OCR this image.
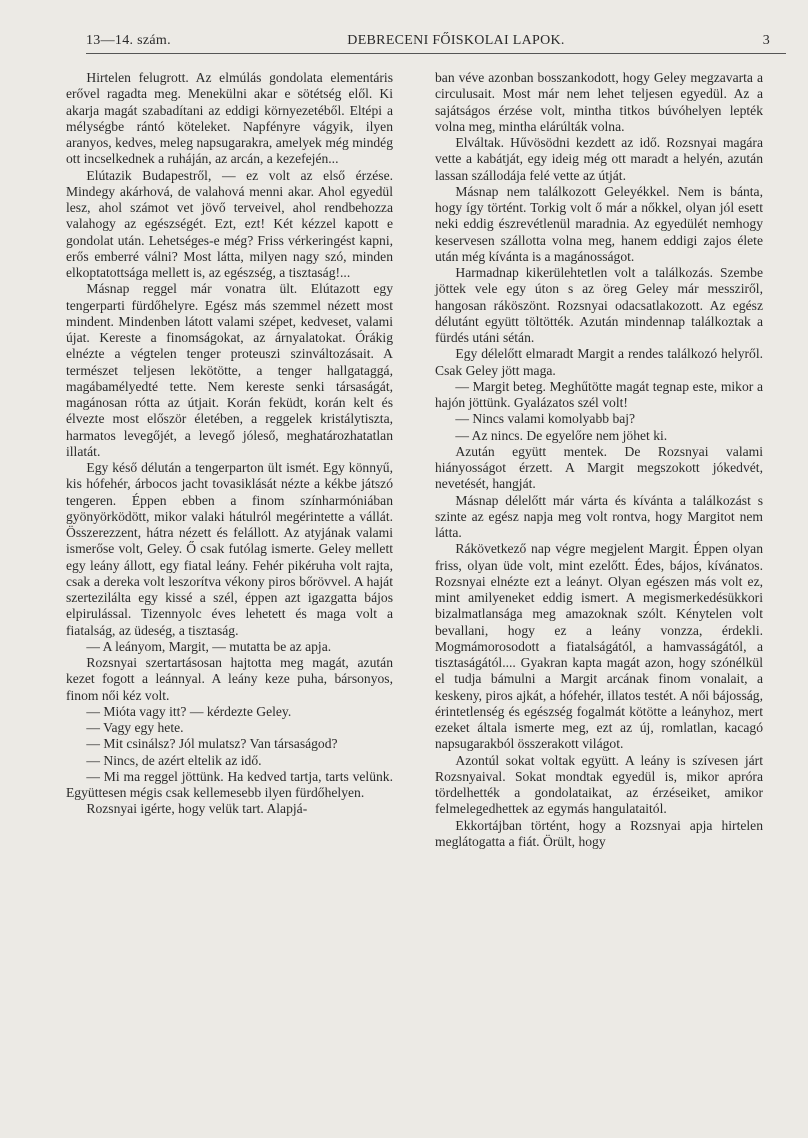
13—14. szám.	DEBRECENI FŐISKOLAI LAPOK.	3

Hirtelen felugrott. Az elmúlás gondolata elementáris erővel ragadta meg. Menekülni akar e sötétség elől. Ki akarja magát szabadítani az eddigi környezetéből. Eltépi a mélységbe rántó köteleket. Napfényre vágyik, ilyen aranyos, kedves, meleg napsugarakra, amelyek még mindég ott incselkednek a ruháján, az arcán, a kezefején...

Elútazik Budapestről, — ez volt az első érzése. Mindegy akárhová, de valahová menni akar. Ahol egyedül lesz, ahol számot vet jövő terveivel, ahol rendbehozza valahogy az egészségét. Ezt, ezt! Két kézzel kapott e gondolat után. Lehetséges-e még? Friss vérkeringést kapni, erős emberré válni? Most látta, milyen nagy szó, minden elkoptatottsága mellett is, az egészség, a tisztaság!...

Másnap reggel már vonatra ült. Elútazott egy tengerparti fürdőhelyre. Egész más szemmel nézett most mindent. Mindenben látott valami szépet, kedveset, valami újat. Kereste a finomságokat, az árnyalatokat. Órákig elnézte a végtelen tenger proteuszi szinváltozásait. A természet teljesen lekötötte, a tenger hallgataggá, magábamélyedté tette. Nem kereste senki társaságát, magánosan rótta az útjait. Korán feküdt, korán kelt és élvezte most először életében, a reggelek kristálytiszta, harmatos levegőjét, a levegő jóleső, meghatározhatatlan illatát.

Egy késő délután a tengerparton ült ismét. Egy könnyű, kis hófehér, árbocos jacht tovasiklását nézte a kékbe játszó tengeren. Éppen ebben a finom színharmóniában gyönyörködött, mikor valaki hátulról megérintette a vállát. Összerezzent, hátra nézett és felállott. Az atyjának valami ismerőse volt, Geley. Ő csak futólag ismerte. Geley mellett egy leány állott, egy fiatal leány. Fehér pikéruha volt rajta, csak a dereka volt leszorítva vékony piros bőrövvel. A haját szertezilálta egy kissé a szél, éppen azt igazgatta bájos elpirulással. Tizennyolc éves lehetett és maga volt a fiatalság, az üdeség, a tisztaság.

— A leányom, Margit, — mutatta be az apja.

Rozsnyai szertartásosan hajtotta meg magát, azután kezet fogott a leánnyal. A leány keze puha, bársonyos, finom női kéz volt.

— Mióta vagy itt? — kérdezte Geley.

— Vagy egy hete.

— Mit csinálsz? Jól mulatsz? Van társaságod?

— Nincs, de azért eltelik az idő.

— Mi ma reggel jöttünk. Ha kedved tartja, tarts velünk. Együttesen mégis csak kellemesebb ilyen fürdőhelyen.

Rozsnyai igérte, hogy velük tart. Alapjá-

ban véve azonban bosszankodott, hogy Geley megzavarta a circulusait. Most már nem lehet teljesen egyedül. Az a sajátságos érzése volt, mintha titkos búvóhelyen lepték volna meg, mintha elárúlták volna.

Elváltak. Hűvösödni kezdett az idő. Rozsnyai magára vette a kabátját, egy ideig még ott maradt a helyén, azután lassan szállodája felé vette az útját.

Másnap nem találkozott Geleyékkel. Nem is bánta, hogy így történt. Torkig volt ő már a nőkkel, olyan jól esett neki eddig észrevétlenül maradnia. Az egyedülét nemhogy keservesen szállotta volna meg, hanem eddigi zajos élete után még kívánta is a magánosságot.

Harmadnap kikerülehtetlen volt a találkozás. Szembe jöttek vele egy úton s az öreg Geley már messziről, hangosan ráköszönt. Rozsnyai odacsatlakozott. Az egész délutánt együtt töltötték. Azután mindennap találkoztak a fürdés utáni sétán.

Egy délelőtt elmaradt Margit a rendes találkozó helyről. Csak Geley jött maga.

— Margit beteg. Meghűtötte magát tegnap este, mikor a hajón jöttünk. Gyalázatos szél volt!

— Nincs valami komolyabb baj?

— Az nincs. De egyelőre nem jöhet ki.

Azután együtt mentek. De Rozsnyai valami hiányosságot érzett. A Margit megszokott jókedvét, nevetését, hangját.

Másnap délelőtt már várta és kívánta a találkozást s szinte az egész napja meg volt rontva, hogy Margitot nem látta.

Rákövetkező nap végre megjelent Margit. Éppen olyan friss, olyan üde volt, mint ezelőtt. Édes, bájos, kívánatos. Rozsnyai elnézte ezt a leányt. Olyan egészen más volt ez, mint amilyeneket eddig ismert. A megismerkedésükkori bizalmatlansága meg amazoknak szólt. Kénytelen volt bevallani, hogy ez a leány vonzza, érdekli. Mogmámorosodott a fiatalságától, a hamvasságától, a tisztaságától.... Gyakran kapta magát azon, hogy szónélkül el tudja bámulni a Margit arcának finom vonalait, a keskeny, piros ajkát, a hófehér, illatos testét. A női bájosság, érintetlenség és egészség fogalmát kötötte a leányhoz, mert ezeket általa ismerte meg, ezt az új, romlatlan, kacagó napsugarakból összerakott világot.

Azontúl sokat voltak együtt. A leány is szívesen járt Rozsnyaival. Sokat mondtak egyedül is, mikor apróra tördelhették a gondolataikat, az érzéseiket, amikor felmelegedhettek az egymás hangulataitól.

Ekkortájban történt, hogy a Rozsnyai apja hirtelen meglátogatta a fiát. Örült, hogy
